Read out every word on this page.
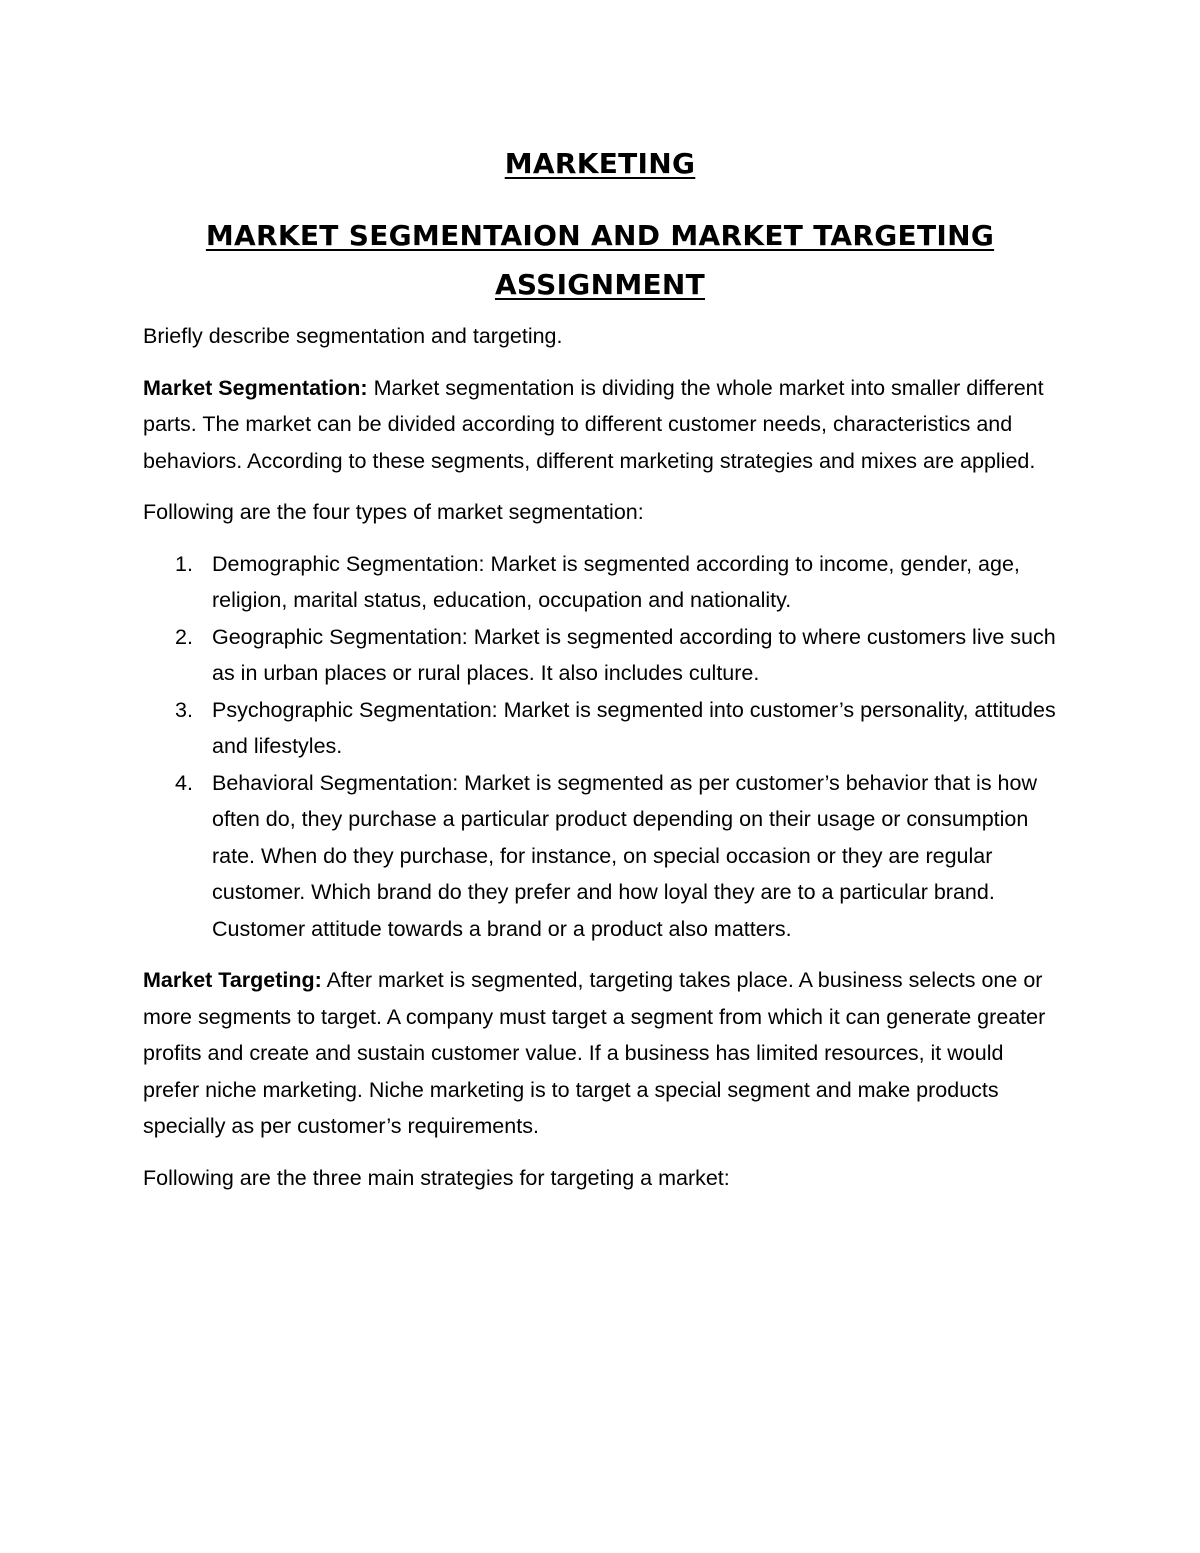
MARKETING
MARKET SEGMENTAION AND MARKET TARGETING
ASSIGNMENT

Briefly describe segmentation and targeting.

Market Segmentation: Market segmentation is dividing the whole market into smaller different parts. The market can be divided according to different customer needs, characteristics and behaviors. According to these segments, different marketing strategies and mixes are applied.

Following are the four types of market segmentation:

1. Demographic Segmentation: Market is segmented according to income, gender, age, religion, marital status, education, occupation and nationality.
2. Geographic Segmentation: Market is segmented according to where customers live such as in urban places or rural places. It also includes culture.
3. Psychographic Segmentation: Market is segmented into customer’s personality, attitudes and lifestyles.
4. Behavioral Segmentation: Market is segmented as per customer’s behavior that is how often do, they purchase a particular product depending on their usage or consumption rate. When do they purchase, for instance, on special occasion or they are regular customer. Which brand do they prefer and how loyal they are to a particular brand. Customer attitude towards a brand or a product also matters.

Market Targeting: After market is segmented, targeting takes place. A business selects one or more segments to target. A company must target a segment from which it can generate greater profits and create and sustain customer value. If a business has limited resources, it would prefer niche marketing. Niche marketing is to target a special segment and make products specially as per customer’s requirements.

Following are the three main strategies for targeting a market:
